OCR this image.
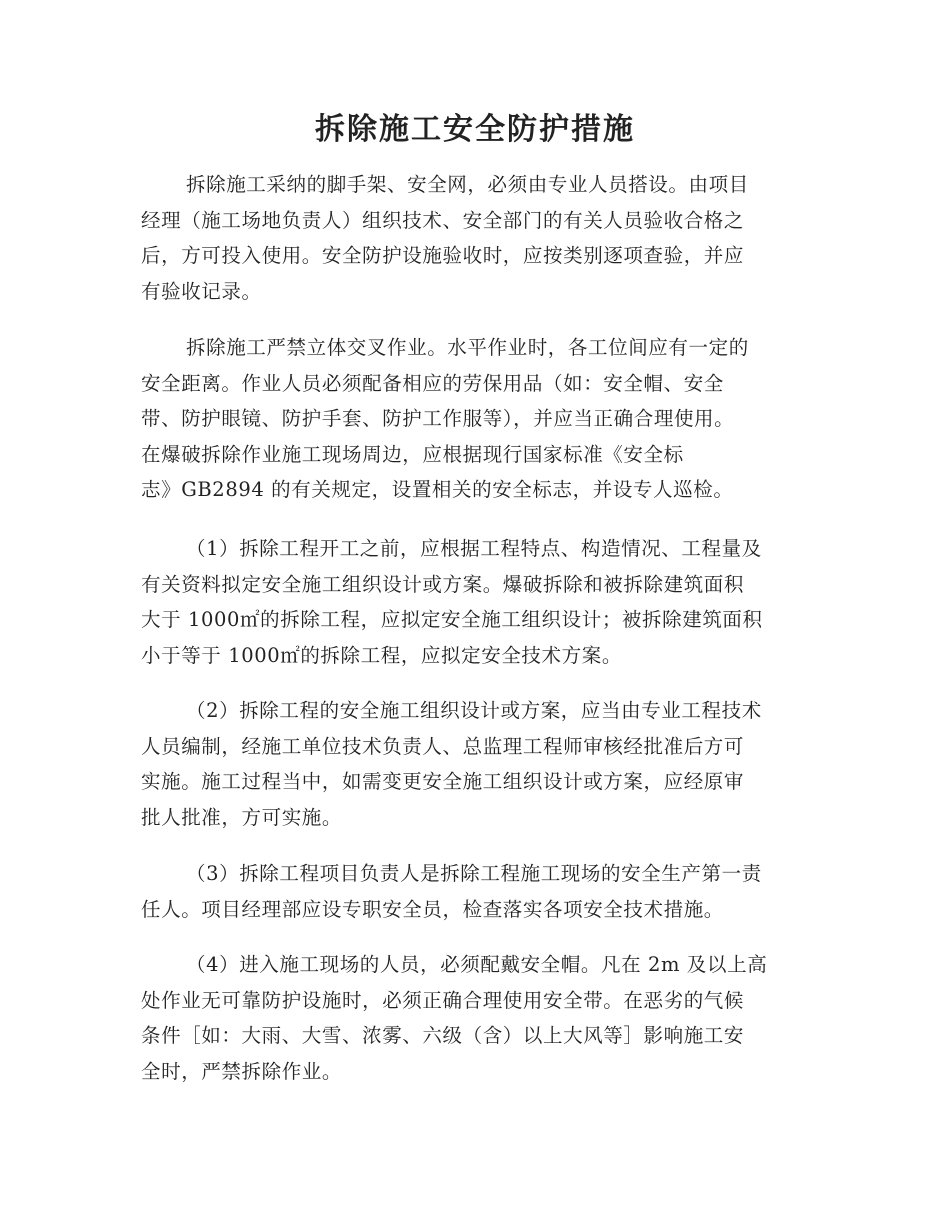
拆除施工安全防护措施

拆除施工采纳的脚手架、安全网，必须由专业人员搭设。由项目
经理（施工场地负责人）组织技术、安全部门的有关人员验收合格之
后，方可投入使用。安全防护设施验收时，应按类别逐项查验，并应
有验收记录。

拆除施工严禁立体交叉作业。水平作业时，各工位间应有一定的
安全距离。作业人员必须配备相应的劳保用品（如：安全帽、安全
带、防护眼镜、防护手套、防护工作服等），并应当正确合理使用。
在爆破拆除作业施工现场周边，应根据现行国家标准《安全标
志》GB2894 的有关规定，设置相关的安全标志，并设专人巡检。

（1）拆除工程开工之前，应根据工程特点、构造情况、工程量及
有关资料拟定安全施工组织设计或方案。爆破拆除和被拆除建筑面积
大于 1000㎡的拆除工程，应拟定安全施工组织设计；被拆除建筑面积
小于等于 1000㎡的拆除工程，应拟定安全技术方案。

（2）拆除工程的安全施工组织设计或方案，应当由专业工程技术
人员编制，经施工单位技术负责人、总监理工程师审核经批准后方可
实施。施工过程当中，如需变更安全施工组织设计或方案，应经原审
批人批准，方可实施。

（3）拆除工程项目负责人是拆除工程施工现场的安全生产第一责
任人。项目经理部应设专职安全员，检查落实各项安全技术措施。

（4）进入施工现场的人员，必须配戴安全帽。凡在 2m 及以上高
处作业无可靠防护设施时，必须正确合理使用安全带。在恶劣的气候
条件［如：大雨、大雪、浓雾、六级（含）以上大风等］影响施工安
全时，严禁拆除作业。
